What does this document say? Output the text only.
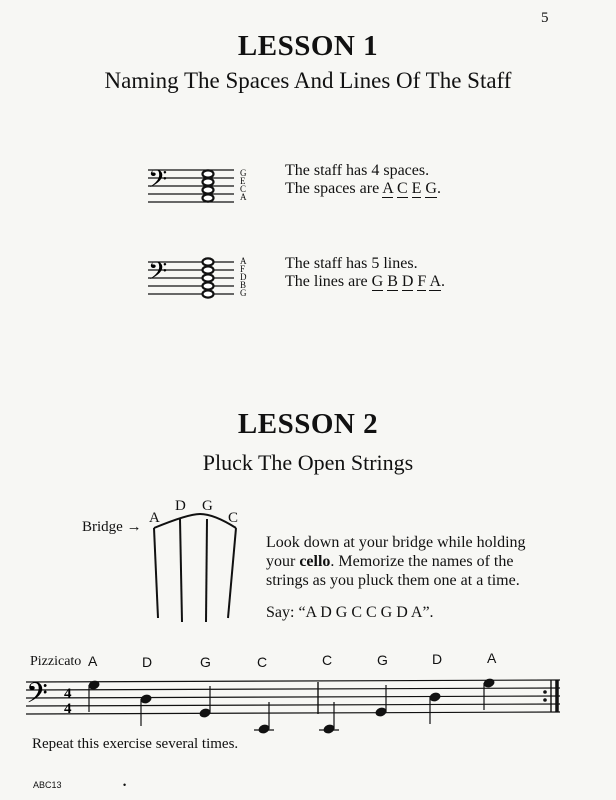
5
LESSON 1
Naming The Spaces And Lines Of The Staff
𝄢	G
E
C
A
The staff has 4 spaces.
The spaces are A C E G.
𝄢	A
F
D
B
G
The staff has 5 lines.
The lines are G B D F A.
LESSON 2
Pluck The Open Strings
Bridge →
A
D G
C
Look down at your bridge while holding
your cello. Memorize the names of the
strings as you pluck them one at a time.
Say: “A D G C C G D A”.
Pizzicato A	D	G	C	C	G	D	A
𝄢 4
4
Repeat this exercise several times.
ABC13	•
